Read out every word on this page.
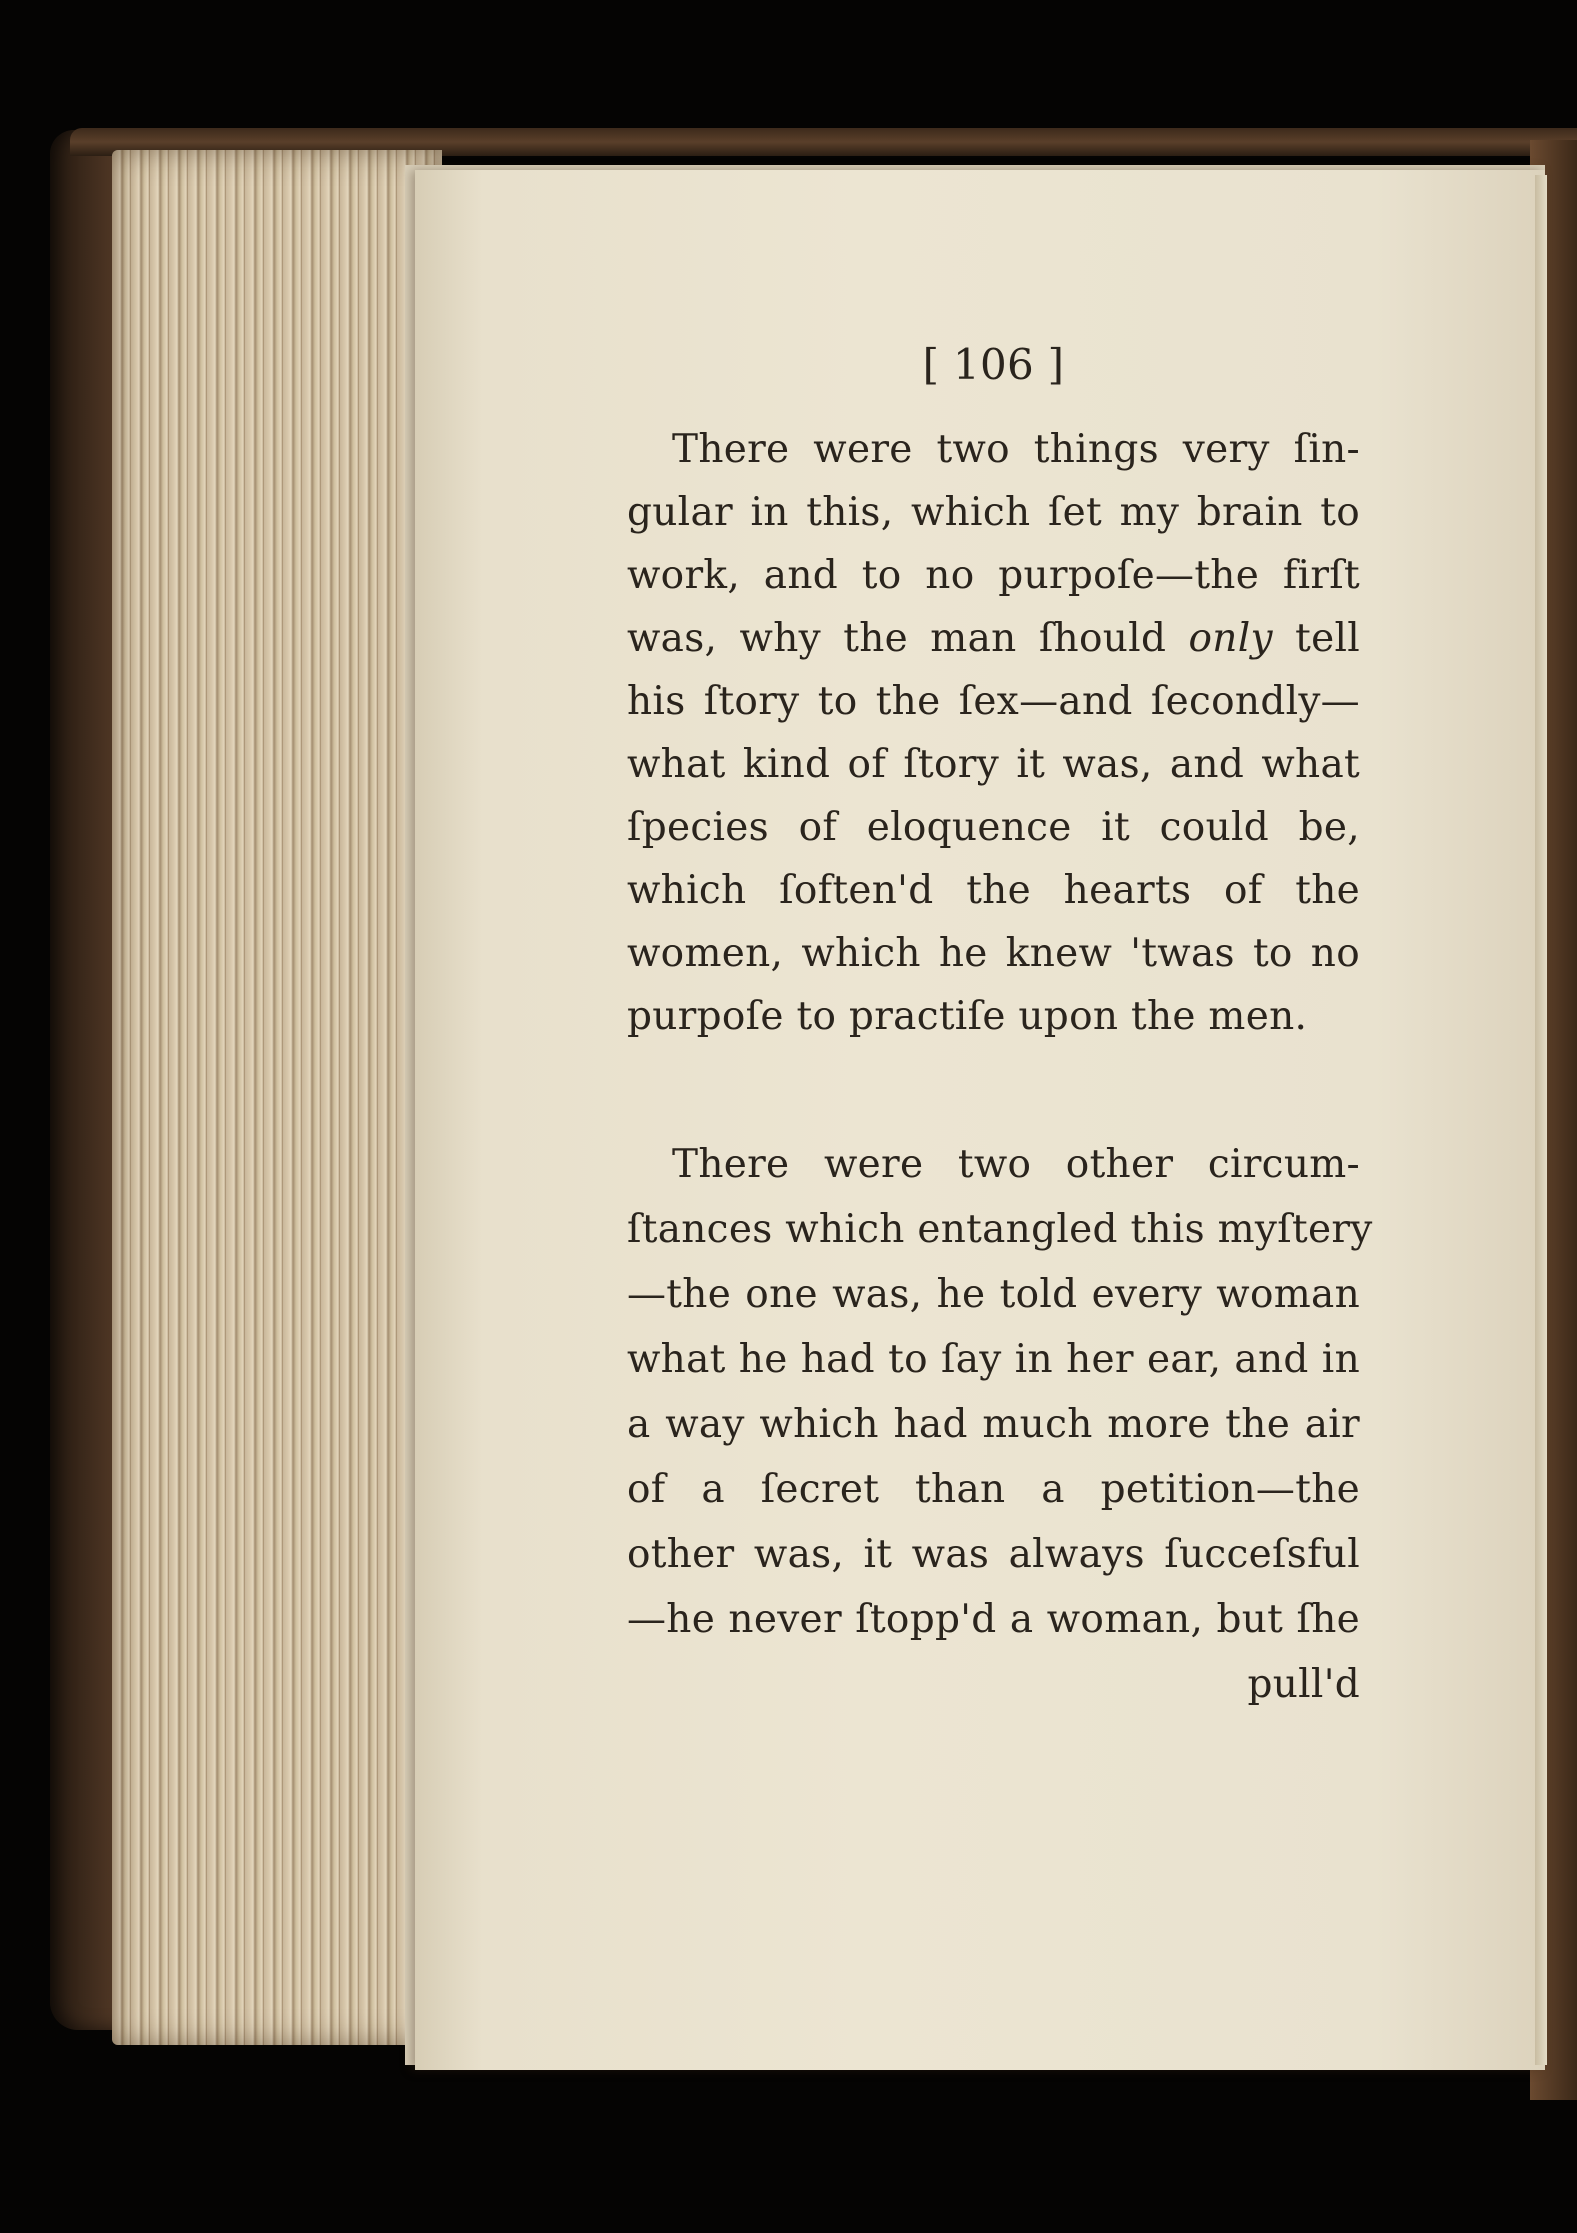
[ 106 ]
There were two things very ſin-
gular in this, which ſet my brain to
work, and to no purpoſe—the firſt
was, why the man ſhould only tell
his ſtory to the ſex—and ſecondly—
what kind of ſtory it was, and what
ſpecies of eloquence it could be,
which ſoften'd the hearts of the
women, which he knew 'twas to no
purpoſe to practiſe upon the men.
There were two other circum-
ſtances which entangled this myſtery
—the one was, he told every woman
what he had to ſay in her ear, and in
a way which had much more the air
of a ſecret than a petition—the
other was, it was always ſucceſsful
—he never ſtopp'd a woman, but ſhe
pull'd
